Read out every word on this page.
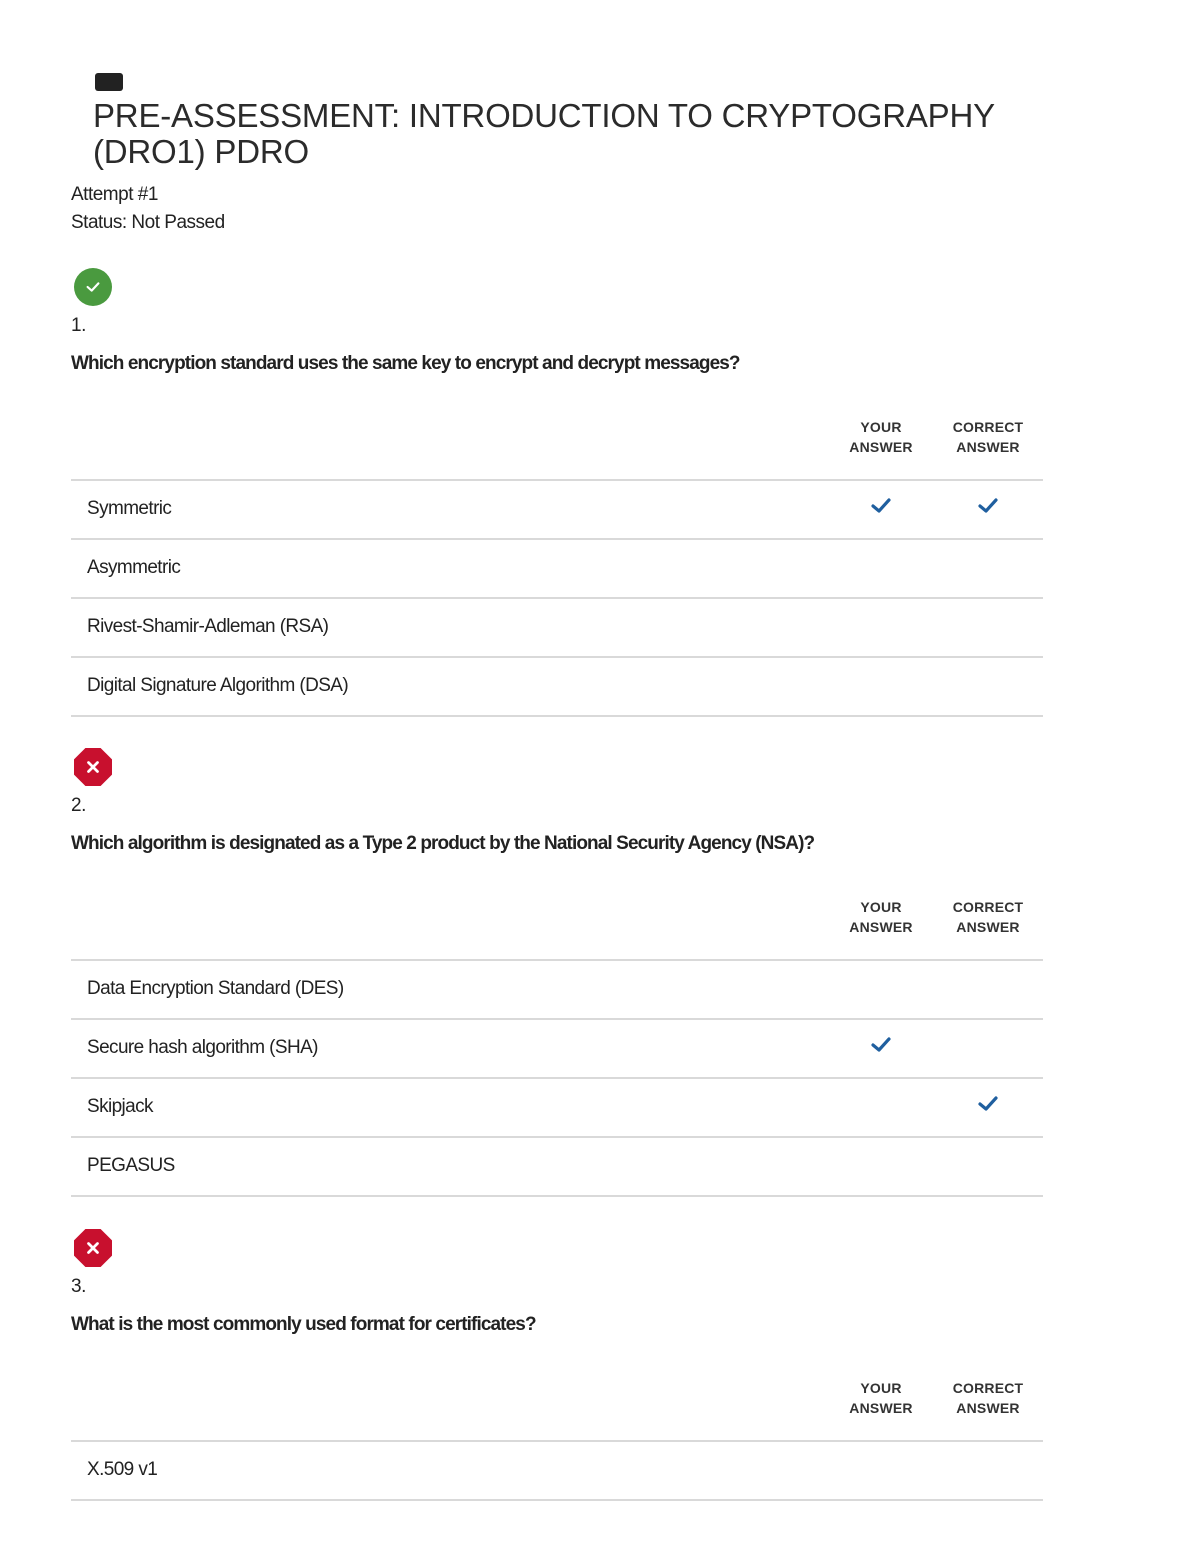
PRE-ASSESSMENT: INTRODUCTION TO CRYPTOGRAPHY (DRO1) PDRO
Attempt #1
Status: Not Passed
1.
Which encryption standard uses the same key to encrypt and decrypt messages?
YOUR
ANSWER
CORRECT
ANSWER
Symmetric
Asymmetric
Rivest-Shamir-Adleman (RSA)
Digital Signature Algorithm (DSA)
2.
Which algorithm is designated as a Type 2 product by the National Security Agency (NSA)?
YOUR
ANSWER
CORRECT
ANSWER
Data Encryption Standard (DES)
Secure hash algorithm (SHA)
Skipjack
PEGASUS
3.
What is the most commonly used format for certificates?
YOUR
ANSWER
CORRECT
ANSWER
X.509 v1
